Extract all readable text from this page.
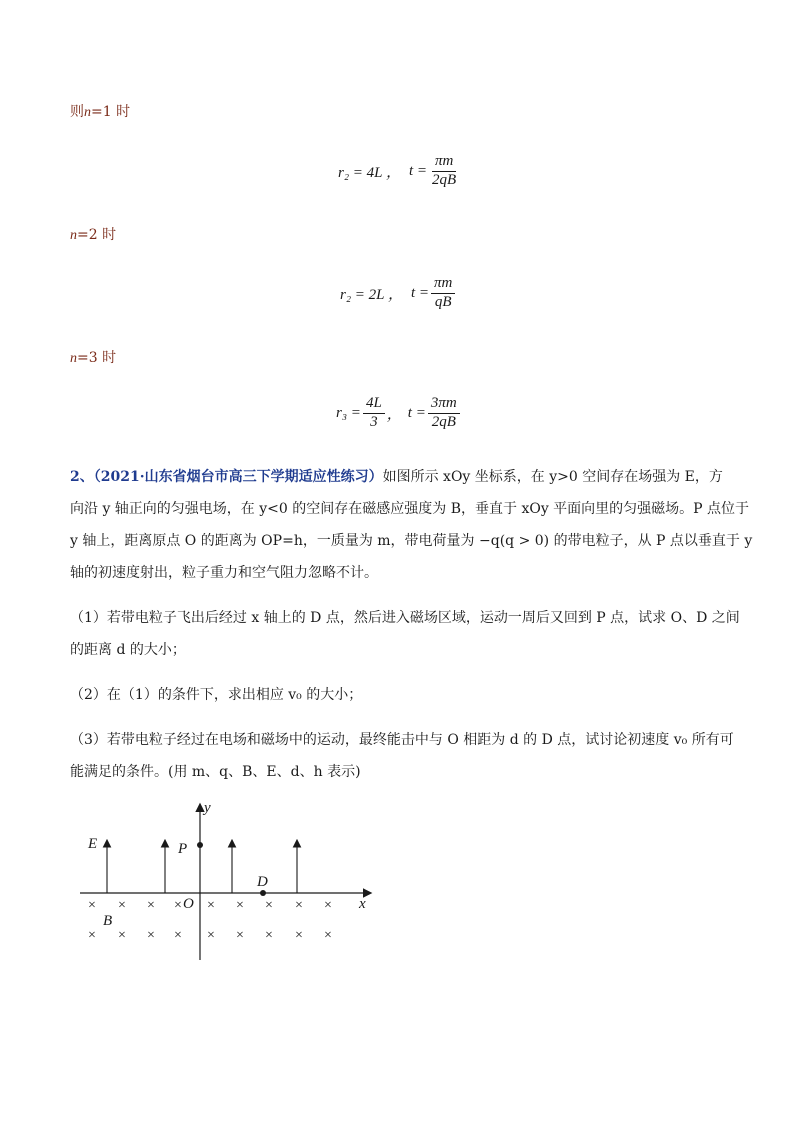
则n=1 时
r₂ = 4L ， $t = \frac{\pi m}{2qB}$
n=2 时
r₂ = 2L ， $t = \frac{\pi m}{qB}$
n=3 时
$r_3 = \frac{4L}{3}$ ， $t = \frac{3\pi m}{2qB}$
2、（2021·山东省烟台市高三下学期适应性练习）如图所示 xOy 坐标系，在 y>0 空间存在场强为 E，方
向沿 y 轴正向的匀强电场，在 y<0 的空间存在磁感应强度为 B，垂直于 xOy 平面向里的匀强磁场。P 点位于
y 轴上，距离原点 O 的距离为 OP=h，一质量为 m，带电荷量为 −q(q > 0) 的带电粒子，从 P 点以垂直于 y
轴的初速度射出，粒子重力和空气阻力忽略不计。
（1）若带电粒子飞出后经过 x 轴上的 D 点，然后进入磁场区域，运动一周后又回到 P 点，试求 O、D 之间
的距离 d 的大小；
（2）在（1）的条件下，求出相应 v₀ 的大小；
（3）若带电粒子经过在电场和磁场中的运动，最终能击中与 O 相距为 d 的 D 点，试讨论初速度 v₀ 所有可
能满足的条件。(用 m、q、B、E、d、h 表示)
E	P
y
D
O	x
B
× × × × × × × × ×
× × × × × × × × ×
